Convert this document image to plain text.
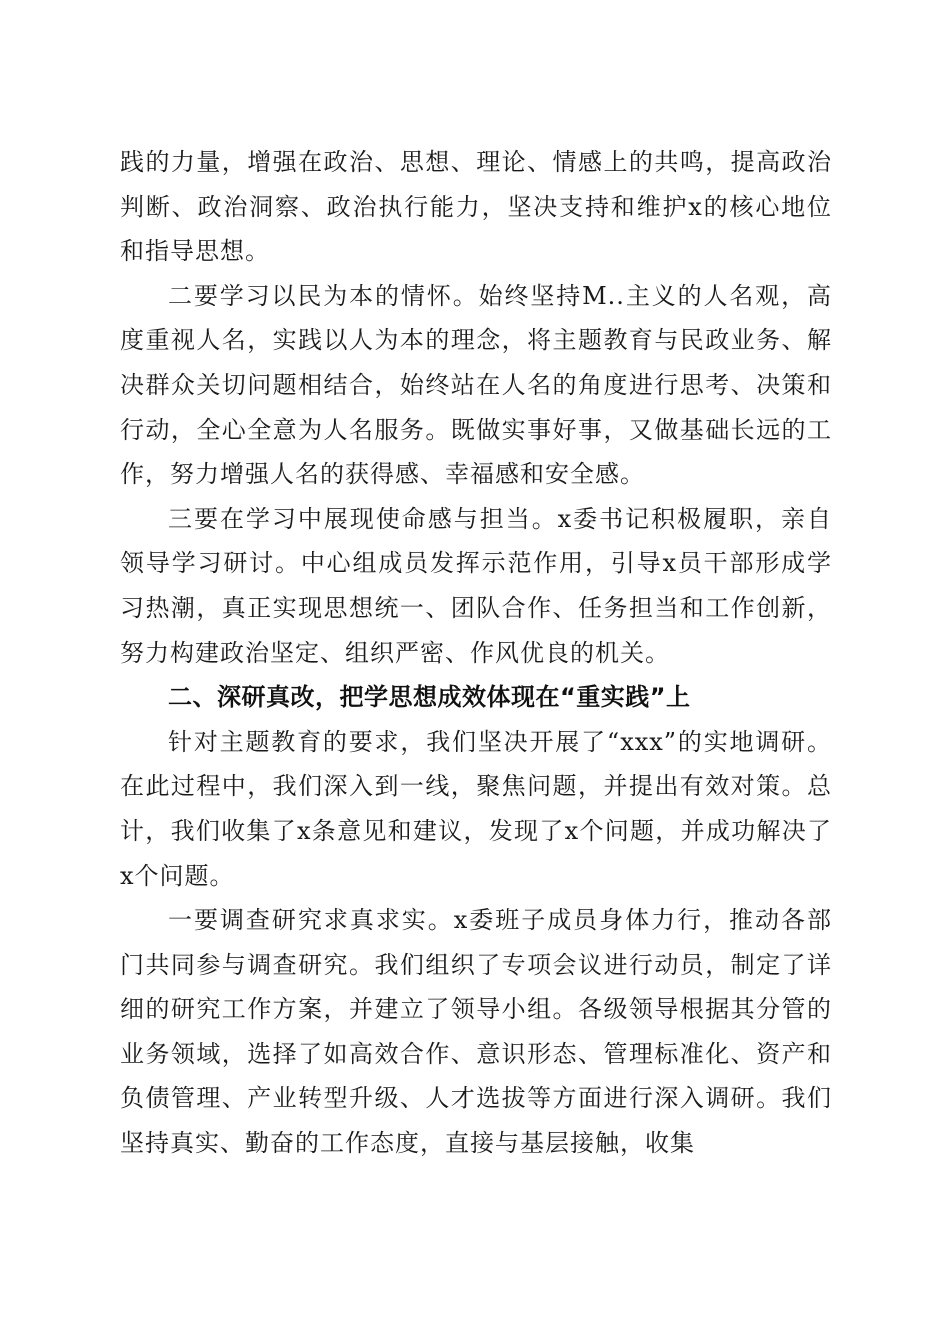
践的力量，增强在政治、思想、理论、情感上的共鸣，提高政治判断、政治洞察、政治执行能力，坚决支持和维护x的核心地位和指导思想。

二要学习以民为本的情怀。始终坚持M..主义的人名观，高度重视人名，实践以人为本的理念，将主题教育与民政业务、解决群众关切问题相结合，始终站在人名的角度进行思考、决策和行动，全心全意为人名服务。既做实事好事，又做基础长远的工作，努力增强人名的获得感、幸福感和安全感。

三要在学习中展现使命感与担当。x委书记积极履职，亲自领导学习研讨。中心组成员发挥示范作用，引导x员干部形成学习热潮，真正实现思想统一、团队合作、任务担当和工作创新，努力构建政治坚定、组织严密、作风优良的机关。

二、深研真改，把学思想成效体现在“重实践”上

针对主题教育的要求，我们坚决开展了“xxx”的实地调研。在此过程中，我们深入到一线，聚焦问题，并提出有效对策。总计，我们收集了x条意见和建议，发现了x个问题，并成功解决了x个问题。

一要调查研究求真求实。x委班子成员身体力行，推动各部门共同参与调查研究。我们组织了专项会议进行动员，制定了详细的研究工作方案，并建立了领导小组。各级领导根据其分管的业务领域，选择了如高效合作、意识形态、管理标准化、资产和负债管理、产业转型升级、人才选拔等方面进行深入调研。我们坚持真实、勤奋的工作态度，直接与基层接触，收集
